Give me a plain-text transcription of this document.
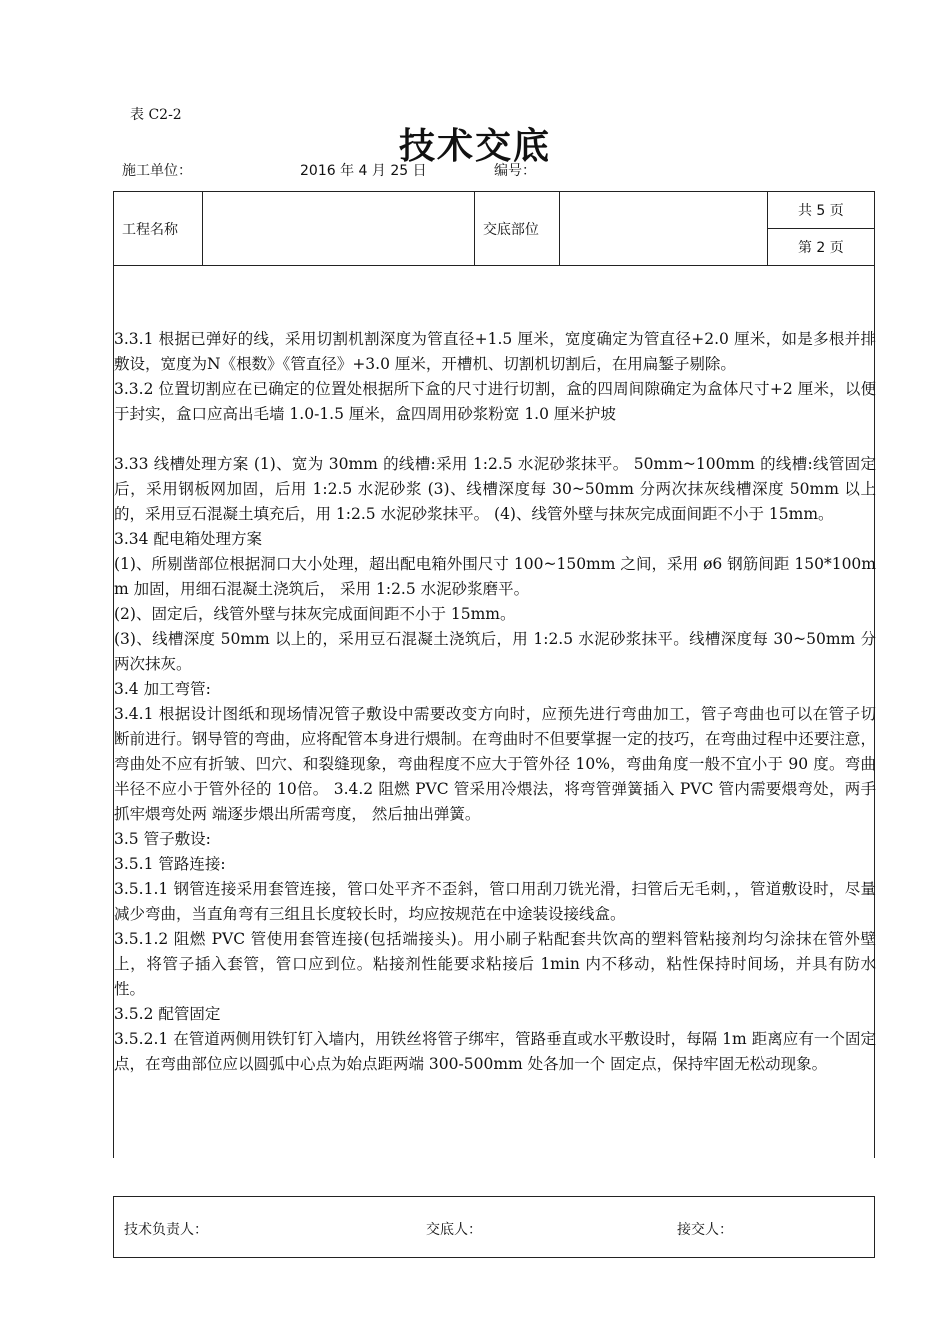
表 C2-2
技术交底
施工单位：	2016 年 4 月 25 日	编号：
工程名称		交底部位		共 5 页
第 2 页

3.3.1 根据已弹好的线，采用切割机割深度为管直径+1.5 厘米，宽度确定为管直径+2.0 厘米，如是多根并排敷设，宽度为N《根数》《管直径》+3.0 厘米，开槽机、切割机切割后，在用扁錾子剔除。

3.3.2 位置切割应在已确定的位置处根据所下盒的尺寸进行切割，盒的四周间隙确定为盒体尺寸+2 厘米，以便于封实，盒口应高出毛墙 1.0-1.5 厘米，盒四周用砂浆粉宽 1.0 厘米护坡

3.33 线槽处理方案 (1)、宽为 30mm 的线槽:采用 1:2.5 水泥砂浆抹平。 50mm~100mm 的线槽:线管固定后，采用钢板网加固，后用 1:2.5 水泥砂浆 (3)、线槽深度每 30~50mm 分两次抹灰线槽深度 50mm 以上的，采用豆石混凝土填充后，用 1:2.5 水泥砂浆抹平。 (4)、线管外壁与抹灰完成面间距不小于 15mm。

3.34 配电箱处理方案

(1)、所剔凿部位根据洞口大小处理，超出配电箱外围尺寸 100~150mm 之间，采用 ø6 钢筋间距 150*100mm 加固，用细石混凝土浇筑后， 采用 1:2.5 水泥砂浆磨平。

(2)、固定后，线管外壁与抹灰完成面间距不小于 15mm。

(3)、线槽深度 50mm 以上的，采用豆石混凝土浇筑后，用 1:2.5 水泥砂浆抹平。线槽深度每 30~50mm 分两次抹灰。

3.4 加工弯管:

3.4.1 根据设计图纸和现场情况管子敷设中需要改变方向时，应预先进行弯曲加工，管子弯曲也可以在管子切 断前进行。钢导管的弯曲，应将配管本身进行煨制。在弯曲时不但要掌握一定的技巧，在弯曲过程中还要注意，弯曲处不应有折皱、凹穴、和裂缝现象，弯曲程度不应大于管外径 10%，弯曲角度一般不宜小于 90 度。弯曲半径不应小于管外径的 10倍。 3.4.2 阻燃 PVC 管采用冷煨法，将弯管弹簧插入 PVC 管内需要煨弯处，两手抓牢煨弯处两 端逐步煨出所需弯度， 然后抽出弹簧。

3.5 管子敷设:

3.5.1 管路连接:

3.5.1.1 钢管连接采用套管连接，管口处平齐不歪斜，管口用刮刀铣光滑，扫管后无毛刺，，管道敷设时，尽量减少弯曲，当直角弯有三组且长度较长时，均应按规范在中途装设接线盒。

3.5.1.2 阻燃 PVC 管使用套管连接(包括端接头)。用小刷子粘配套共饮高的塑料管粘接剂均匀涂抹在管外壁上，将管子插入套管，管口应到位。粘接剂性能要求粘接后 1min 内不移动，粘性保持时间场，并具有防水性。

3.5.2 配管固定

3.5.2.1 在管道两侧用铁钉钉入墙内，用铁丝将管子绑牢，管路垂直或水平敷设时，每隔 1m 距离应有一个固定点，在弯曲部位应以圆弧中心点为始点距两端 300-500mm 处各加一个 固定点，保持牢固无松动现象。

技术负责人：	交底人：	接交人：
